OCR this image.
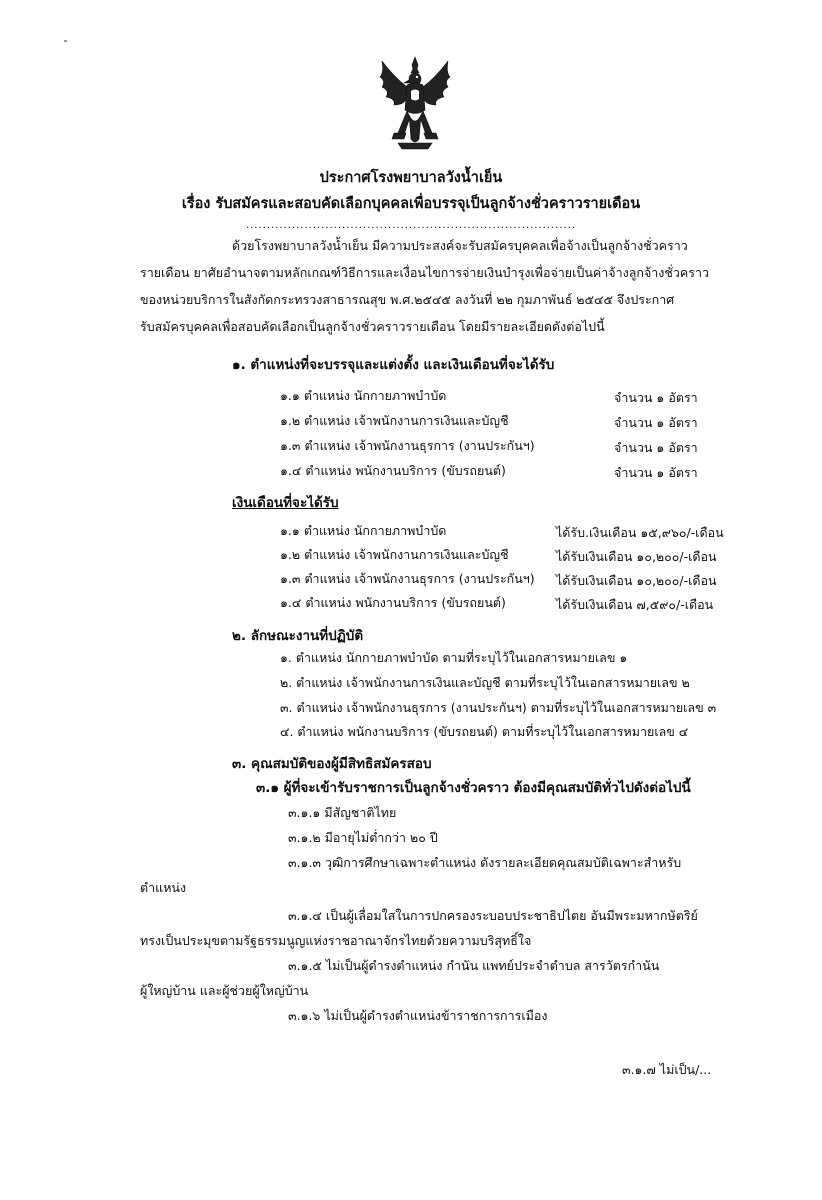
ประกาศโรงพยาบาลวังน้ำเย็น
เรื่อง รับสมัครและสอบคัดเลือกบุคคลเพื่อบรรจุเป็นลูกจ้างชั่วคราวรายเดือน
...............................................................................
ด้วยโรงพยาบาลวังน้ำเย็น มีความประสงค์จะรับสมัครบุคคลเพื่อจ้างเป็นลูกจ้างชั่วคราว
รายเดือน ยาศัยอำนาจตามหลักเกณฑ์วิธีการและเงื่อนไขการจ่ายเงินบำรุงเพื่อจ่ายเป็นค่าจ้างลูกจ้างชั่วคราว
ของหน่วยบริการในสังกัดกระทรวงสาธารณสุข พ.ศ.๒๕๔๕ ลงวันที่ ๒๒ กุมภาพันธ์ ๒๕๔๕ จึงประกาศ
รับสมัครบุคคลเพื่อสอบคัดเลือกเป็นลูกจ้างชั่วคราวรายเดือน โดยมีรายละเอียดดังต่อไปนี้
๑. ตำแหน่งที่จะบรรจุและแต่งตั้ง และเงินเดือนที่จะได้รับ
๑.๑ ตำแหน่ง นักกายภาพบำบัด	จำนวน ๑ อัตรา
๑.๒ ตำแหน่ง เจ้าพนักงานการเงินและบัญชี	จำนวน ๑ อัตรา
๑.๓ ตำแหน่ง เจ้าพนักงานธุรการ (งานประกันฯ)	จำนวน ๑ อัตรา
๑.๔ ตำแหน่ง พนักงานบริการ (ขับรถยนต์)	จำนวน ๑ อัตรา
เงินเดือนที่จะได้รับ
๑.๑ ตำแหน่ง นักกายภาพบำบัด	ได้รับ.เงินเดือน ๑๕,๙๖๐/-เดือน
๑.๒ ตำแหน่ง เจ้าพนักงานการเงินและบัญชี	ได้รับเงินเดือน ๑๐,๒๐๐/-เดือน
๑.๓ ตำแหน่ง เจ้าพนักงานธุรการ (งานประกันฯ) ได้รับเงินเดือน ๑๐,๒๐๐/-เดือน
๑.๔ ตำแหน่ง พนักงานบริการ (ขับรถยนต์)	ได้รับเงินเดือน ๗,๕๙๐/-เดือน
๒. ลักษณะงานที่ปฏิบัติ
๑. ตำแหน่ง นักกายภาพบำบัด ตามที่ระบุไว้ในเอกสารหมายเลข ๑
๒. ตำแหน่ง เจ้าพนักงานการเงินและบัญชี ตามที่ระบุไว้ในเอกสารหมายเลข ๒
๓. ตำแหน่ง เจ้าพนักงานธุรการ (งานประกันฯ) ตามที่ระบุไว้ในเอกสารหมายเลข ๓
๔. ตำแหน่ง พนักงานบริการ (ขับรถยนต์) ตามที่ระบุไว้ในเอกสารหมายเลข ๔
๓. คุณสมบัติของผู้มีสิทธิสมัครสอบ
๓.๑ ผู้ที่จะเข้ารับราชการเป็นลูกจ้างชั่วคราว ต้องมีคุณสมบัติทั่วไปดังต่อไปนี้
๓.๑.๑ มีสัญชาติไทย
๓.๑.๒ มีอายุไม่ต่ำกว่า ๒๐ ปี
๓.๑.๓ วุฒิการศึกษาเฉพาะตำแหน่ง ดังรายละเอียดคุณสมบัติเฉพาะสำหรับ
ตำแหน่ง
๓.๑.๔ เป็นผู้เลื่อมใสในการปกครองระบอบประชาธิปไตย อันมีพระมหากษัตริย์
ทรงเป็นประมุขตามรัฐธรรมนูญแห่งราชอาณาจักรไทยด้วยความบริสุทธิ์ใจ
๓.๑.๕ ไม่เป็นผู้ดำรงตำแหน่ง กำนัน แพทย์ประจำตำบล สารวัตรกำนัน
ผู้ใหญ่บ้าน และผู้ช่วยผู้ใหญ่บ้าน
๓.๑.๖ ไม่เป็นผู้ดำรงตำแหน่งข้าราชการการเมือง
๓.๑.๗ ไม่เป็น/...
